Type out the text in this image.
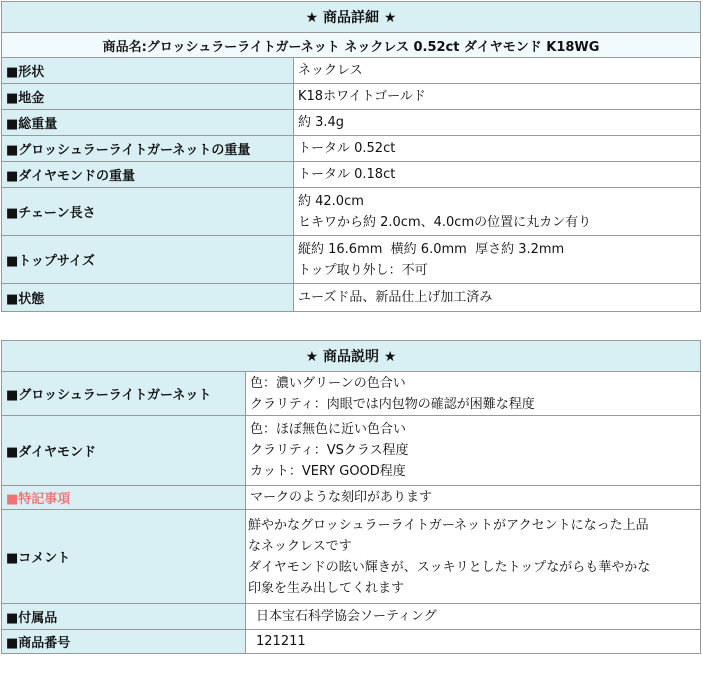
★ 商品詳細 ★	
商品名:グロッシュラーライトガーネット ネックレス 0.52ct ダイヤモンド K18WG	
■形状	ネックレス

■地金	K18ホワイトゴールド

■総重量	約 3.4g

■グロッシュラーライトガーネットの重量	トータル 0.52ct

■ダイヤモンドの重量	トータル 0.18ct

■チェーン長さ	約 42.0cm
ヒキワから約 2.0cm、4.0cmの位置に丸カン有り

■トップサイズ	縦約 16.6mm  横約 6.0mm  厚さ約 3.2mm
トップ取り外し：不可

■状態	ユーズド品、新品仕上げ加工済み
★ 商品説明 ★	
■グロッシュラーライトガーネット	色：濃いグリーンの色合い
クラリティ：肉眼では内包物の確認が困難な程度

■ダイヤモンド	色：ほぼ無色に近い色合い
クラリティ：VSクラス程度
カット：VERY GOOD程度

■特記事項	マークのような刻印があります

■コメント	鮮やかなグロッシュラーライトガーネットがアクセントになった上品
なネックレスです
ダイヤモンドの眩い輝きが、スッキリとしたトップながらも華やかな
印象を生み出してくれます

■付属品	日本宝石科学協会ソーティング

■商品番号	121211
